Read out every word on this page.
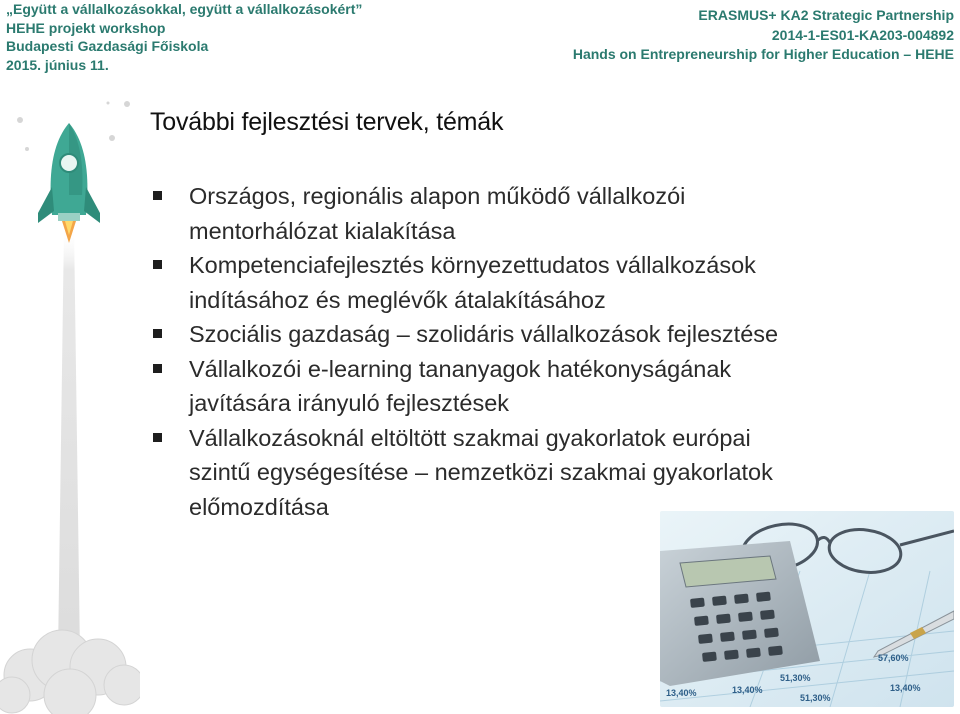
„Együtt a vállalkozásokkal, együtt a vállalkozásokért”
HEHE projekt workshop
Budapesti Gazdasági Főiskola
2015. június 11.
ERASMUS+ KA2 Strategic Partnership
2014-1-ES01-KA203-004892
Hands on Entrepreneurship for Higher Education – HEHE
További fejlesztési tervek, témák
Országos, regionális alapon működő vállalkozói
mentorhálózat kialakítása
Kompetenciafejlesztés környezettudatos vállalkozások
indításához és meglévők átalakításához
Szociális gazdaság – szolidáris vállalkozások fejlesztése
Vállalkozói e-learning tananyagok hatékonyságának
javítására irányuló fejlesztések
Vállalkozásoknál eltöltött szakmai gyakorlatok európai
szintű egységesítése – nemzetközi szakmai gyakorlatok
előmozdítása
13,40%	13,40%
51,30%
57,60%
51,30%
13,40%
